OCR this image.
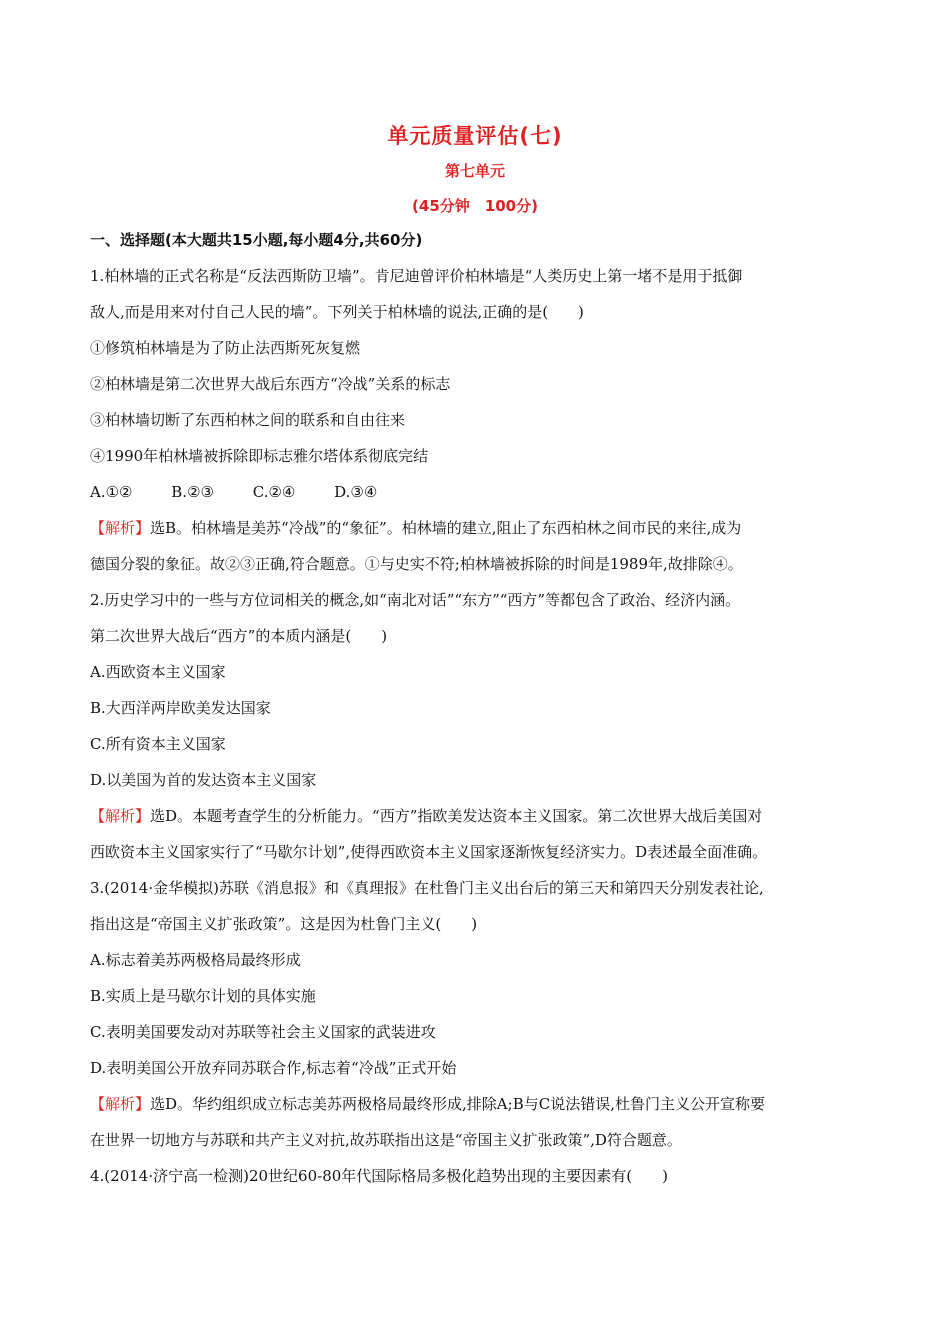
单元质量评估(七)
第七单元
(45分钟　100分)
一、选择题(本大题共15小题,每小题4分,共60分)
1.柏林墙的正式名称是“反法西斯防卫墙”。肯尼迪曾评价柏林墙是“人类历史上第一堵不是用于抵御
敌人,而是用来对付自己人民的墙”。下列关于柏林墙的说法,正确的是(　　)
①修筑柏林墙是为了防止法西斯死灰复燃
②柏林墙是第二次世界大战后东西方“冷战”关系的标志
③柏林墙切断了东西柏林之间的联系和自由往来
④1990年柏林墙被拆除即标志雅尔塔体系彻底完结
A.①②	B.②③	C.②④	D.③④
【解析】选B。柏林墙是美苏“冷战”的“象征”。柏林墙的建立,阻止了东西柏林之间市民的来往,成为
德国分裂的象征。故②③正确,符合题意。①与史实不符;柏林墙被拆除的时间是1989年,故排除④。
2.历史学习中的一些与方位词相关的概念,如“南北对话”“东方”“西方”等都包含了政治、经济内涵。
第二次世界大战后“西方”的本质内涵是(　　)
A.西欧资本主义国家
B.大西洋两岸欧美发达国家
C.所有资本主义国家
D.以美国为首的发达资本主义国家
【解析】选D。本题考查学生的分析能力。“西方”指欧美发达资本主义国家。第二次世界大战后美国对
西欧资本主义国家实行了“马歇尔计划”,使得西欧资本主义国家逐渐恢复经济实力。D表述最全面准确。
3.(2014·金华模拟)苏联《消息报》和《真理报》在杜鲁门主义出台后的第三天和第四天分别发表社论,
指出这是“帝国主义扩张政策”。这是因为杜鲁门主义(　　)
A.标志着美苏两极格局最终形成
B.实质上是马歇尔计划的具体实施
C.表明美国要发动对苏联等社会主义国家的武装进攻
D.表明美国公开放弃同苏联合作,标志着“冷战”正式开始
【解析】选D。华约组织成立标志美苏两极格局最终形成,排除A;B与C说法错误,杜鲁门主义公开宣称要
在世界一切地方与苏联和共产主义对抗,故苏联指出这是“帝国主义扩张政策”,D符合题意。
4.(2014·济宁高一检测)20世纪60-80年代国际格局多极化趋势出现的主要因素有(　　)
